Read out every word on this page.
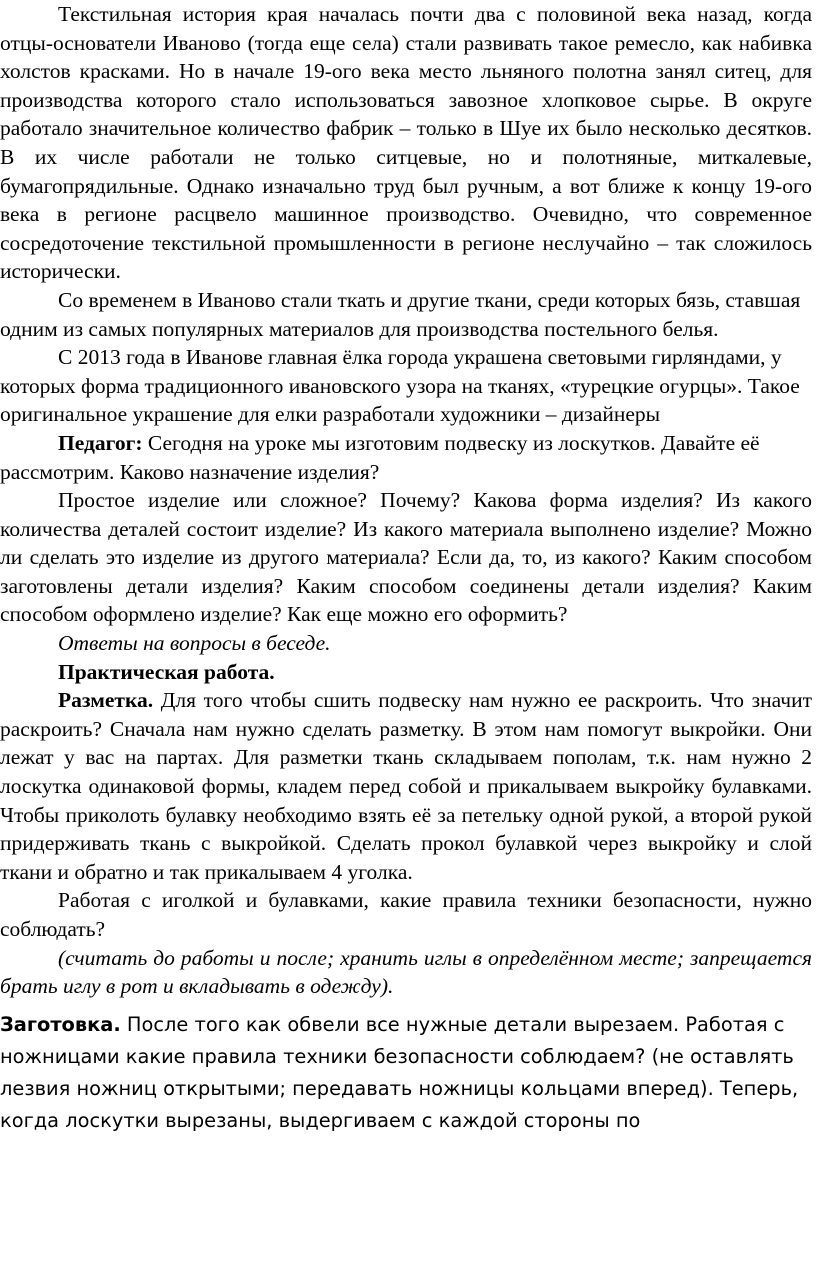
Текстильная история края началась почти два с половиной века назад, когда отцы-основатели Иваново (тогда еще села) стали развивать такое ремесло, как набивка холстов красками. Но в начале 19-ого века место льняного полотна занял ситец, для производства которого стало использоваться завозное хлопковое сырье. В округе работало значительное количество фабрик – только в Шуе их было несколько десятков. В их числе работали не только ситцевые, но и полотняные, миткалевые, бумагопрядильные. Однако изначально труд был ручным, а вот ближе к концу 19-ого века в регионе расцвело машинное производство. Очевидно, что современное сосредоточение текстильной промышленности в регионе неслучайно – так сложилось исторически.

Со временем в Иваново стали ткать и другие ткани, среди которых бязь, ставшая одним из самых популярных материалов для производства постельного белья.

С 2013 года в Иванове главная ёлка города украшена световыми гирляндами, у которых форма традиционного ивановского узора на тканях, «турецкие огурцы». Такое оригинальное украшение для елки разработали художники – дизайнеры

Педагог: Сегодня на уроке мы изготовим подвеску из лоскутков. Давайте её рассмотрим. Каково назначение изделия?

Простое изделие или сложное? Почему? Какова форма изделия? Из какого количества деталей состоит изделие? Из какого материала выполнено изделие? Можно ли сделать это изделие из другого материала? Если да, то, из какого? Каким способом заготовлены детали изделия? Каким способом соединены детали изделия? Каким способом оформлено изделие? Как еще можно его оформить?

Ответы на вопросы в беседе.

Практическая работа.

Разметка. Для того чтобы сшить подвеску нам нужно ее раскроить. Что значит раскроить? Сначала нам нужно сделать разметку. В этом нам помогут выкройки. Они лежат у вас на партах. Для разметки ткань складываем пополам, т.к. нам нужно 2 лоскутка одинаковой формы, кладем перед собой и прикалываем выкройку булавками. Чтобы приколоть булавку необходимо взять её за петельку одной рукой, а второй рукой придерживать ткань с выкройкой. Сделать прокол булавкой через выкройку и слой ткани и обратно и так прикалываем 4 уголка.

Работая с иголкой и булавками, какие правила техники безопасности, нужно соблюдать?

(считать до работы и после; хранить иглы в определённом месте; запрещается брать иглу в рот и вкладывать в одежду).

Заготовка. После того как обвели все нужные детали вырезаем. Работая с ножницами какие правила техники безопасности соблюдаем? (не оставлять лезвия ножниц открытыми; передавать ножницы кольцами вперед). Теперь, когда лоскутки вырезаны, выдергиваем с каждой стороны по
